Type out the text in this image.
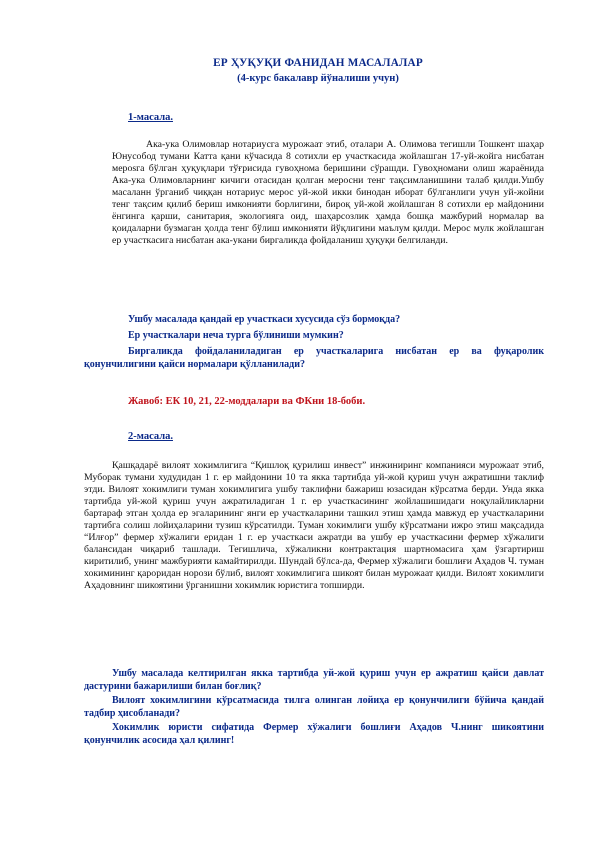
ЕР ҲУҚУҚИ ФАНИДАН МАСАЛАЛАР
(4-курс бакалавр йўналиши учун)
1-масала.
Ака-ука Олимовлар нотариусга мурожаат этиб, оталари А. Олимова тегишли Тошкент шаҳар Юнусобод тумани Катта қани кўчасида 8 сотихли ер участкасида жойлашган 17-уй-жойга нисбатан мерosга бўлган ҳуқуқлари тўғрисида гувоҳнома беришини сўрашди. Гувоҳномани олиш жараёнида Ака-ука Олимовларнинг кичиги отасидан қолган меросни тенг тақсимланишини талаб қилди.Ушбу масаланн ўрганиб чиққан нотариус мерос уй-жой икки бинодан иборат бўлганлиги учун уй-жойни тенг тақсим қилиб бериш имконияти борлигини, бироқ уй-жой жойлашган 8 сотихли ер майдонини ёнгинга қарши, санитария, экологияга оид, шаҳарсозлик ҳамда бошқа мажбурий нормалар ва қоидаларни бузмаган ҳолда тенг бўлиш имконияти йўқлигини маълум қилди. Мерос мулк жойлашган ер участкасига нисбатан ака-укани биргаликда фойдаланиш ҳуқуқи белгиланди.
Ушбу масалада қандай ер участкаси хусусида сўз бормоқда?
Ер участкалари неча турга бўлиниши мумкин?
Биргаликда фойдаланиладиган ер участкаларига нисбатан ер ва фуқаролик қонунчилигини қайси нормалари қўлланилади?
Жавоб: ЕК 10, 21, 22-моддалари ва ФКни 18-боби.
2-масала.
Қашқадарё вилоят хокимлигига “Қишлоқ қурилиш инвест” инжиниринг компанияси мурожаат этиб, Муборак тумани худудидан 1 г. ер майдонини 10 та якка тартибда уй-жой қуриш учун ажратишни таклиф этди. Вилоят хокимлиги туман хокимлигига ушбу таклифни бажариш юзасидан кўрсатма берди. Унда якка тартибда уй-жой қуриш учун ажратиладиган 1 г. ер участкасининг жойлашишидаги ноқулайликларни бартараф этган ҳолда ер эгаларининг янги ер участкаларини ташкил этиш ҳамда мавжуд ер участкаларини тартибга солиш лойиҳаларини тузиш кўрсатилди. Туман хокимлиги ушбу кўрсатмани ижро этиш мақсадида “Илғор” фермер хўжалиги еридан 1 г. ер участкаси ажратди ва ушбу ер участкасини фермер хўжалиги балансидан чиқариб ташлади. Тегишлича, хўжаликни контрактация шартномасига ҳам ўзгартириш киритилиб, унинг мажбурияти камайтирилди. Шундай бўлса-да, Фермер хўжалиги бошлиғи Аҳадов Ч. туман хокимининг қароридан норози бўлиб, вилоят хокимлигига шикоят билан мурожаат қилди. Вилоят хокимлиги Аҳадовнинг шикоятини ўрганишни хокимлик юристига топширди.
Ушбу масалада келтирилган якка тартибда уй-жой қуриш учун ер ажратиш қайси давлат дастурини бажарилиши билан боғлиқ?
Вилоят хокимлигини кўрсатмасида тилга олинган лойиҳа ер қонунчилиги бўйича қандай тадбир ҳисобланади?
Хокимлик юристи сифатида Фермер хўжалиги бошлиғи Аҳадов Ч.нинг шикоятини қонунчилик асосида ҳал қилинг!
